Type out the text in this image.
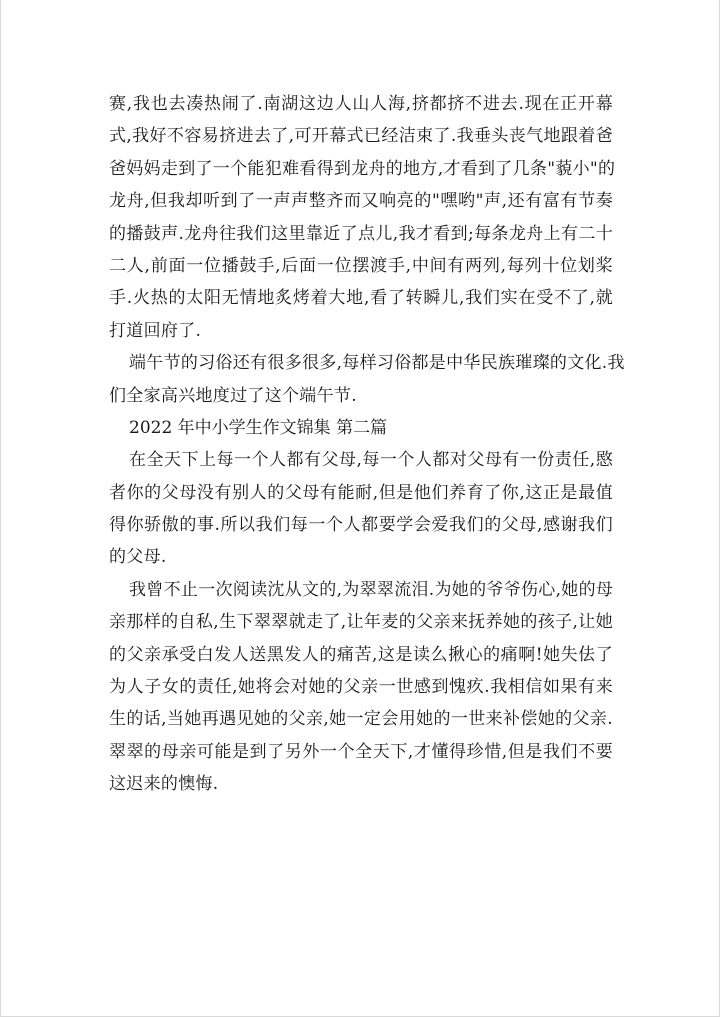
赛,我也去凑热闹了.南湖这边人山人海,挤都挤不进去.现在正开幕
式,我好不容易挤进去了,可开幕式已经洁束了.我垂头丧气地跟着爸
爸妈妈走到了一个能犯难看得到龙舟的地方,才看到了几条"藐小"的
龙舟,但我却听到了一声声整齐而又响亮的"嘿哟"声,还有富有节奏
的播鼓声.龙舟往我们这里靠近了点儿,我才看到;每条龙舟上有二十
二人,前面一位播鼓手,后面一位摆渡手,中间有两列,每列十位划桨
手.火热的太阳无情地炙烤着大地,看了转瞬儿,我们实在受不了,就
打道回府了.
端午节的习俗还有很多很多,每样习俗都是中华民族璀璨的文化.我
们全家高兴地度过了这个端午节.
2022 年中小学生作文锦集 第二篇
在全天下上每一个人都有父母,每一个人都对父母有一份责任,愍
者你的父母没有别人的父母有能耐,但是他们养育了你,这正是最值
得你骄傲的事.所以我们每一个人都要学会爱我们的父母,感谢我们
的父母.
我曾不止一次阅读沈从文的,为翠翠流泪.为她的爷爷伤心,她的母
亲那样的自私,生下翠翠就走了,让年麦的父亲来抚养她的孩子,让她
的父亲承受白发人送黑发人的痛苦,这是读么揪心的痛啊!她失佉了
为人子女的责任,她将会对她的父亲一世感到愧疚.我相信如果有来
生的话,当她再遇见她的父亲,她一定会用她的一世来补偿她的父亲.
翠翠的母亲可能是到了另外一个全天下,才懂得珍惜,但是我们不要
这迟来的懊悔.
